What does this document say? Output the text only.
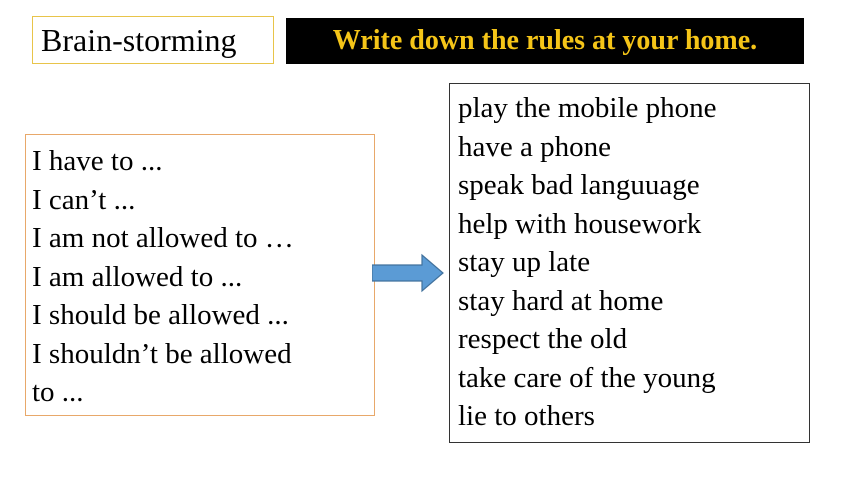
Brain-storming	Write down the rules at your home.
I have to ...
I can’t ...
I am not allowed to …
I am allowed to ...
I should be allowed ...
I shouldn’t be allowed
to ...
play the mobile phone
have a phone
speak bad languuage
help with housework
stay up late
stay hard at home
respect the old
take care of the young
lie to others
